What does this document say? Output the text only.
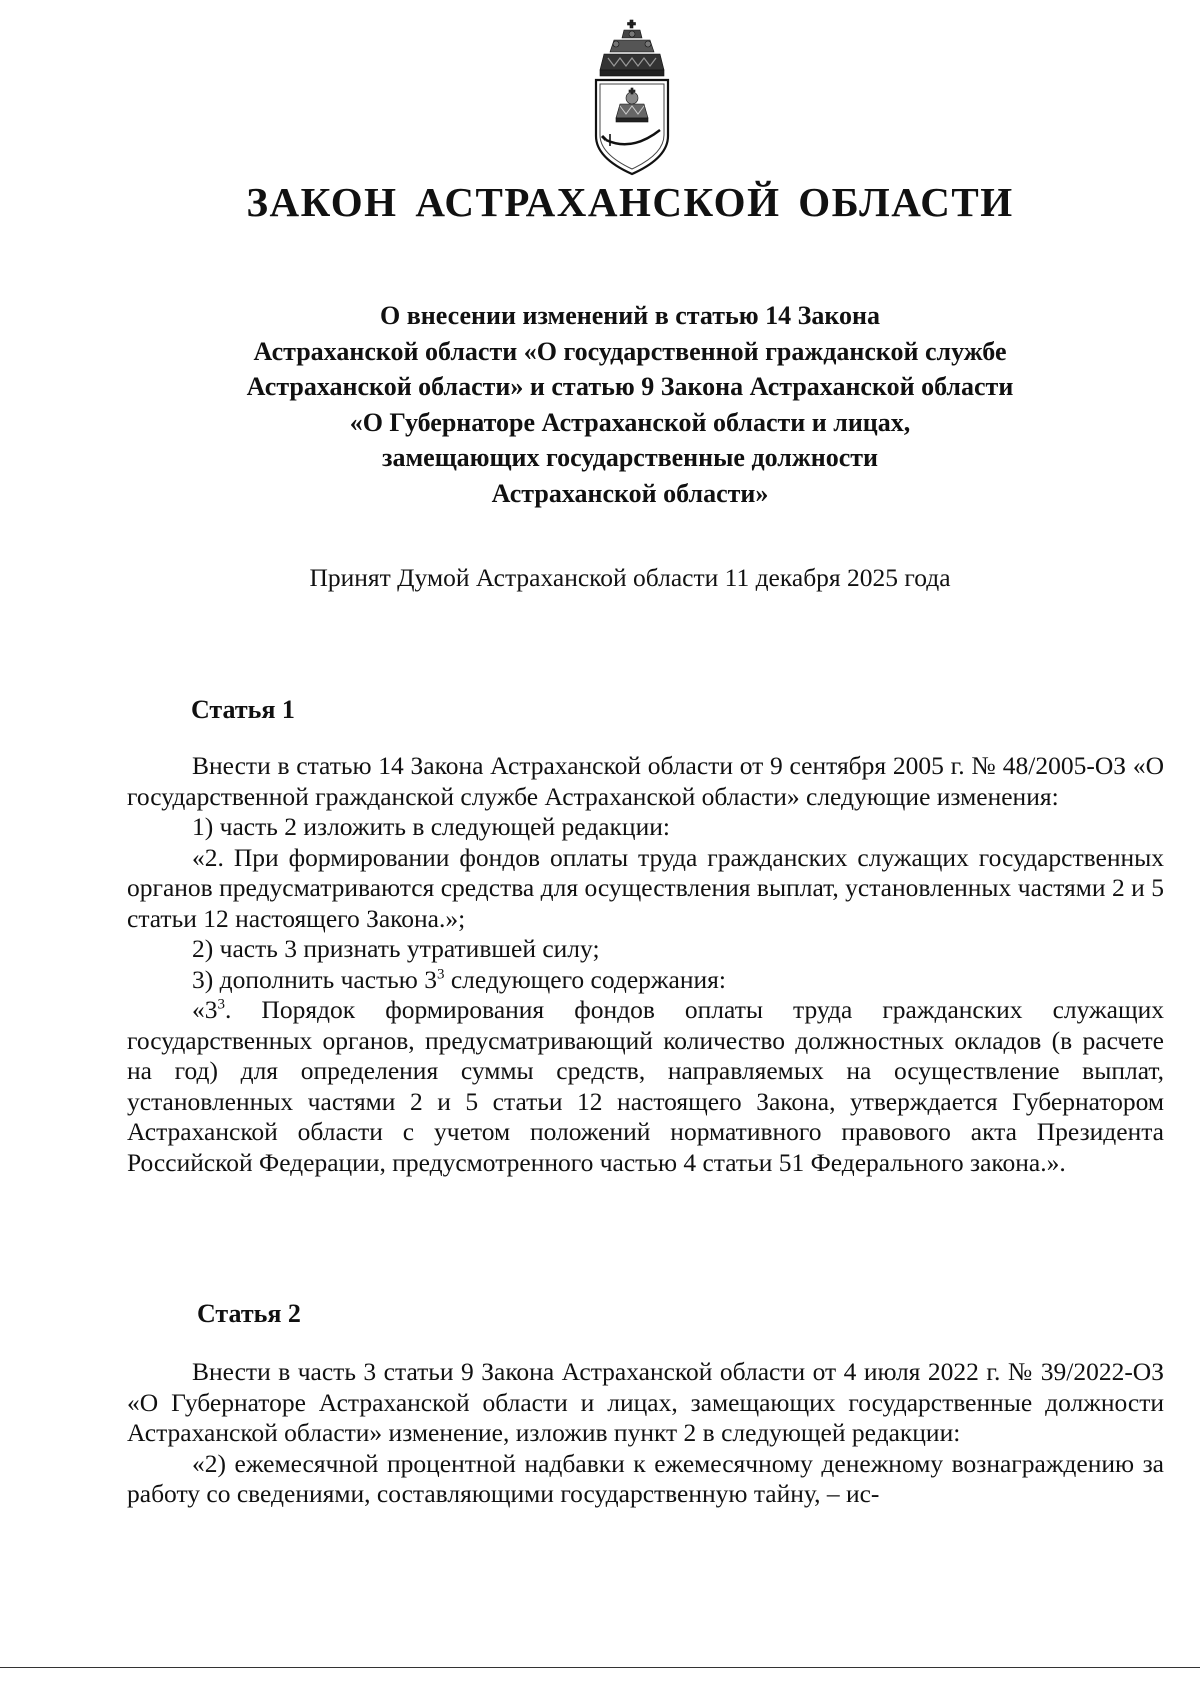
ЗАКОН АСТРАХАНСКОЙ ОБЛАСТИ
О внесении изменений в статью 14 Закона
Астраханской области «О государственной гражданской службе
Астраханской области» и статью 9 Закона Астраханской области
«О Губернаторе Астраханской области и лицах,
замещающих государственные должности
Астраханской области»
Принят Думой Астраханской области 11 декабря 2025 года
Статья 1

Внести в статью 14 Закона Астраханской области от 9 сентября 2005 г. № 48/2005-ОЗ «О государственной гражданской службе Астраханской области» следующие изменения:

1) часть 2 изложить в следующей редакции:

«2. При формировании фондов оплаты труда гражданских служащих государственных органов предусматриваются средства для осуществления выплат, установленных частями 2 и 5 статьи 12 настоящего Закона.»;

2) часть 3 признать утратившей силу;

3) дополнить частью $3^3$ следующего содержания:

«$3^3$. Порядок формирования фондов оплаты труда гражданских служащих государственных органов, предусматривающий количество должностных окладов (в расчете на год) для определения суммы средств, направляемых на осуществление выплат, установленных частями 2 и 5 статьи 12 настоящего Закона, утверждается Губернатором Астраханской области с учетом положений нормативного правового акта Президента Российской Федерации, предусмотренного частью 4 статьи 51 Федерального закона.».

Статья 2

Внести в часть 3 статьи 9 Закона Астраханской области от 4 июля 2022 г. № 39/2022-ОЗ «О Губернаторе Астраханской области и лицах, замещающих государственные должности Астраханской области» изменение, изложив пункт 2 в следующей редакции:

«2) ежемесячной процентной надбавки к ежемесячному денежному вознаграждению за работу со сведениями, составляющими государственную тайну, – ис-
